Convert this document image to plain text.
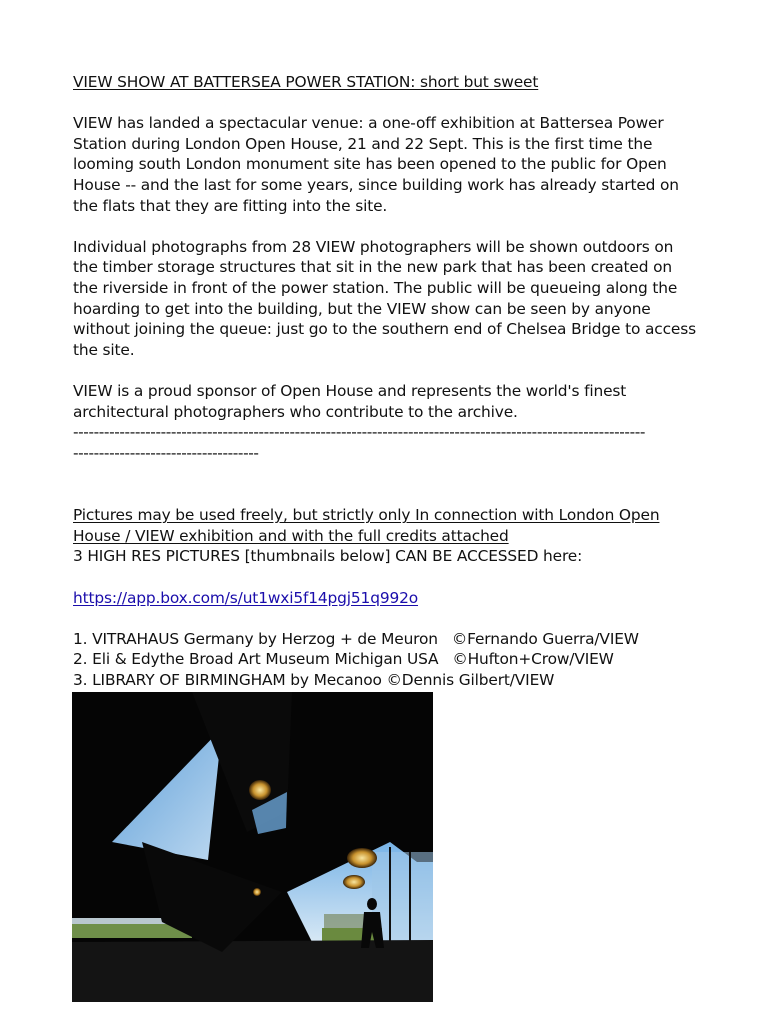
VIEW SHOW AT BATTERSEA POWER STATION: short but sweet

VIEW has landed a spectacular venue: a one-off exhibition at Battersea Power Station during London Open House, 21 and 22 Sept. This is the first time the looming south London monument site has been opened to the public for Open House -- and the last for some years, since building work has already started on the flats that they are fitting into the site.

Individual photographs from 28 VIEW photographers will be shown outdoors on the timber storage structures that sit in the new park that has been created on the riverside in front of the power station. The public will be queueing along the hoarding to get into the building, but the VIEW show can be seen by anyone without joining the queue: just go to the southern end of Chelsea Bridge to access the site.

VIEW is a proud sponsor of Open House and represents the world's finest architectural photographers who contribute to the archive.

---------------------------------------------------------------------------------------------------------------
------------------------------------

Pictures may be used freely, but strictly only In connection with London Open House / VIEW exhibition and with the full credits attached

3 HIGH RES PICTURES [thumbnails below] CAN BE ACCESSED here:

https://app.box.com/s/ut1wxi5f14pgj51q992o

1. VITRAHAUS Germany by Herzog + de Meuron ©Fernando Guerra/VIEW
2. Eli & Edythe Broad Art Museum Michigan USA ©Hufton+Crow/VIEW
3. LIBRARY OF BIRMINGHAM by Mecanoo ©Dennis Gilbert/VIEW
